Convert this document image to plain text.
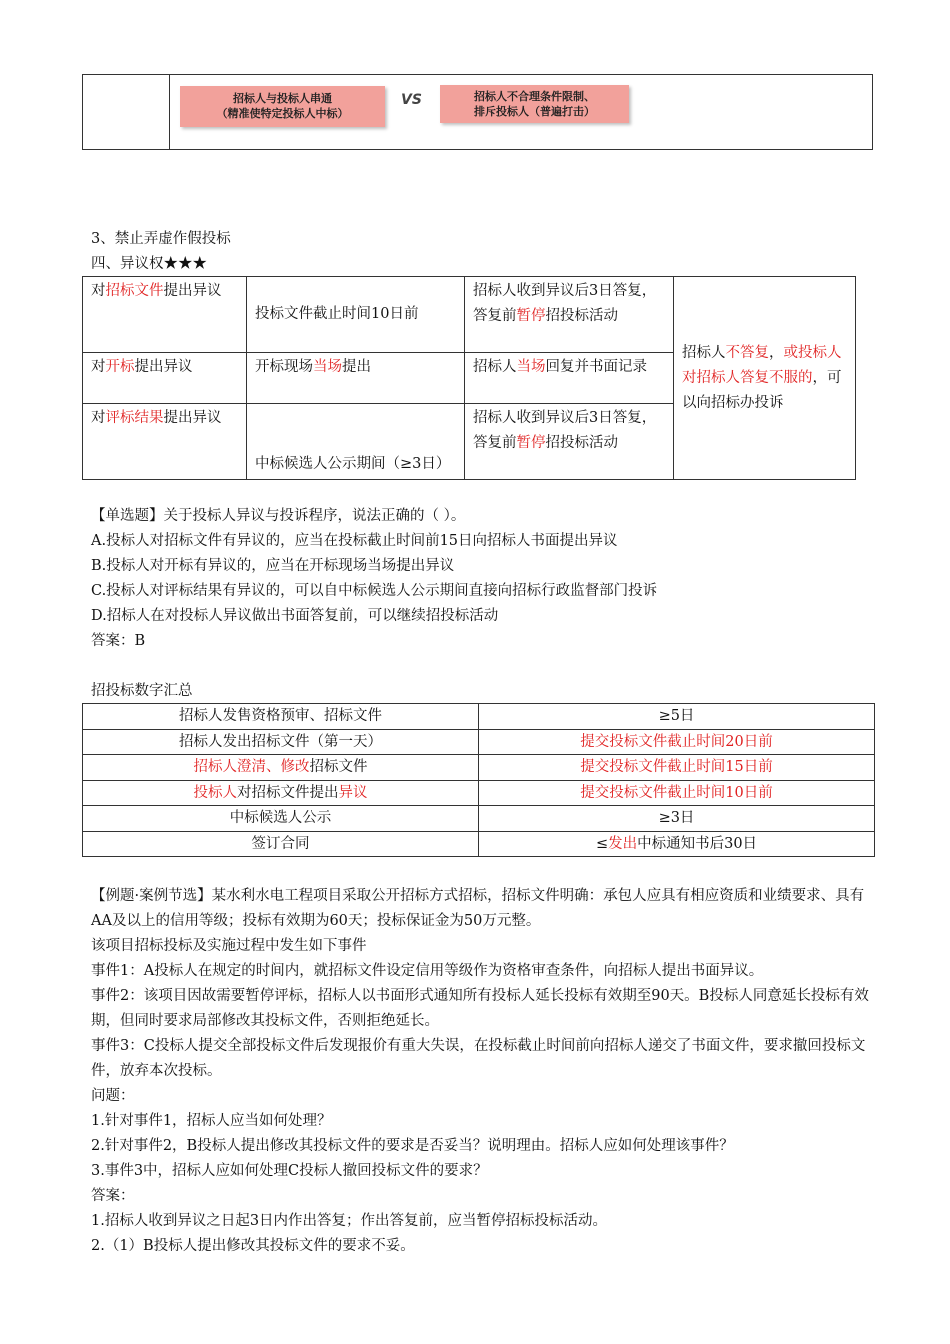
招标人与投标人串通
（精准使特定投标人中标）
VS	招标人不合理条件限制、
排斥投标人（普遍打击）
3、禁止弄虚作假投标
四、异议权★★★
对招标文件提出异议	投标文件截止时间10日前	招标人收到异议后3日答复，答复前暂停招投标活动	招标人不答复，或投标人对招标人答复不服的，可以向招标办投诉
对开标提出异议	开标现场当场提出	招标人当场回复并书面记录	
对评标结果提出异议	中标候选人公示期间（≥3日）	招标人收到异议后3日答复，答复前暂停招投标活动	
【单选题】关于投标人异议与投诉程序，说法正确的（ ）。
A.投标人对招标文件有异议的，应当在投标截止时间前15日向招标人书面提出异议
B.投标人对开标有异议的，应当在开标现场当场提出异议
C.投标人对评标结果有异议的，可以自中标候选人公示期间直接向招标行政监督部门投诉
D.招标人在对投标人异议做出书面答复前，可以继续招投标活动
答案：B
招投标数字汇总
招标人发售资格预审、招标文件	≥5日
招标人发出招标文件（第一天）	提交投标文件截止时间20日前
招标人澄清、修改招标文件	提交投标文件截止时间15日前
投标人对招标文件提出异议	提交投标文件截止时间10日前
中标候选人公示	≥3日
签订合同	≤发出中标通知书后30日
【例题·案例节选】某水利水电工程项目采取公开招标方式招标，招标文件明确：承包人应具有相应资质和业绩要求、具有AA及以上的信用等级；投标有效期为60天；投标保证金为50万元整。
该项目招标投标及实施过程中发生如下事件
事件1：A投标人在规定的时间内，就招标文件设定信用等级作为资格审查条件，向招标人提出书面异议。
事件2：该项目因故需要暂停评标，招标人以书面形式通知所有投标人延长投标有效期至90天。B投标人同意延长投标有效期，但同时要求局部修改其投标文件，否则拒绝延长。
事件3：C投标人提交全部投标文件后发现报价有重大失误，在投标截止时间前向招标人递交了书面文件，要求撤回投标文件，放弃本次投标。
问题：
1.针对事件1，招标人应当如何处理？
2.针对事件2，B投标人提出修改其投标文件的要求是否妥当？说明理由。招标人应如何处理该事件？
3.事件3中，招标人应如何处理C投标人撤回投标文件的要求？
答案：
1.招标人收到异议之日起3日内作出答复；作出答复前，应当暂停招标投标活动。
2.（1）B投标人提出修改其投标文件的要求不妥。
